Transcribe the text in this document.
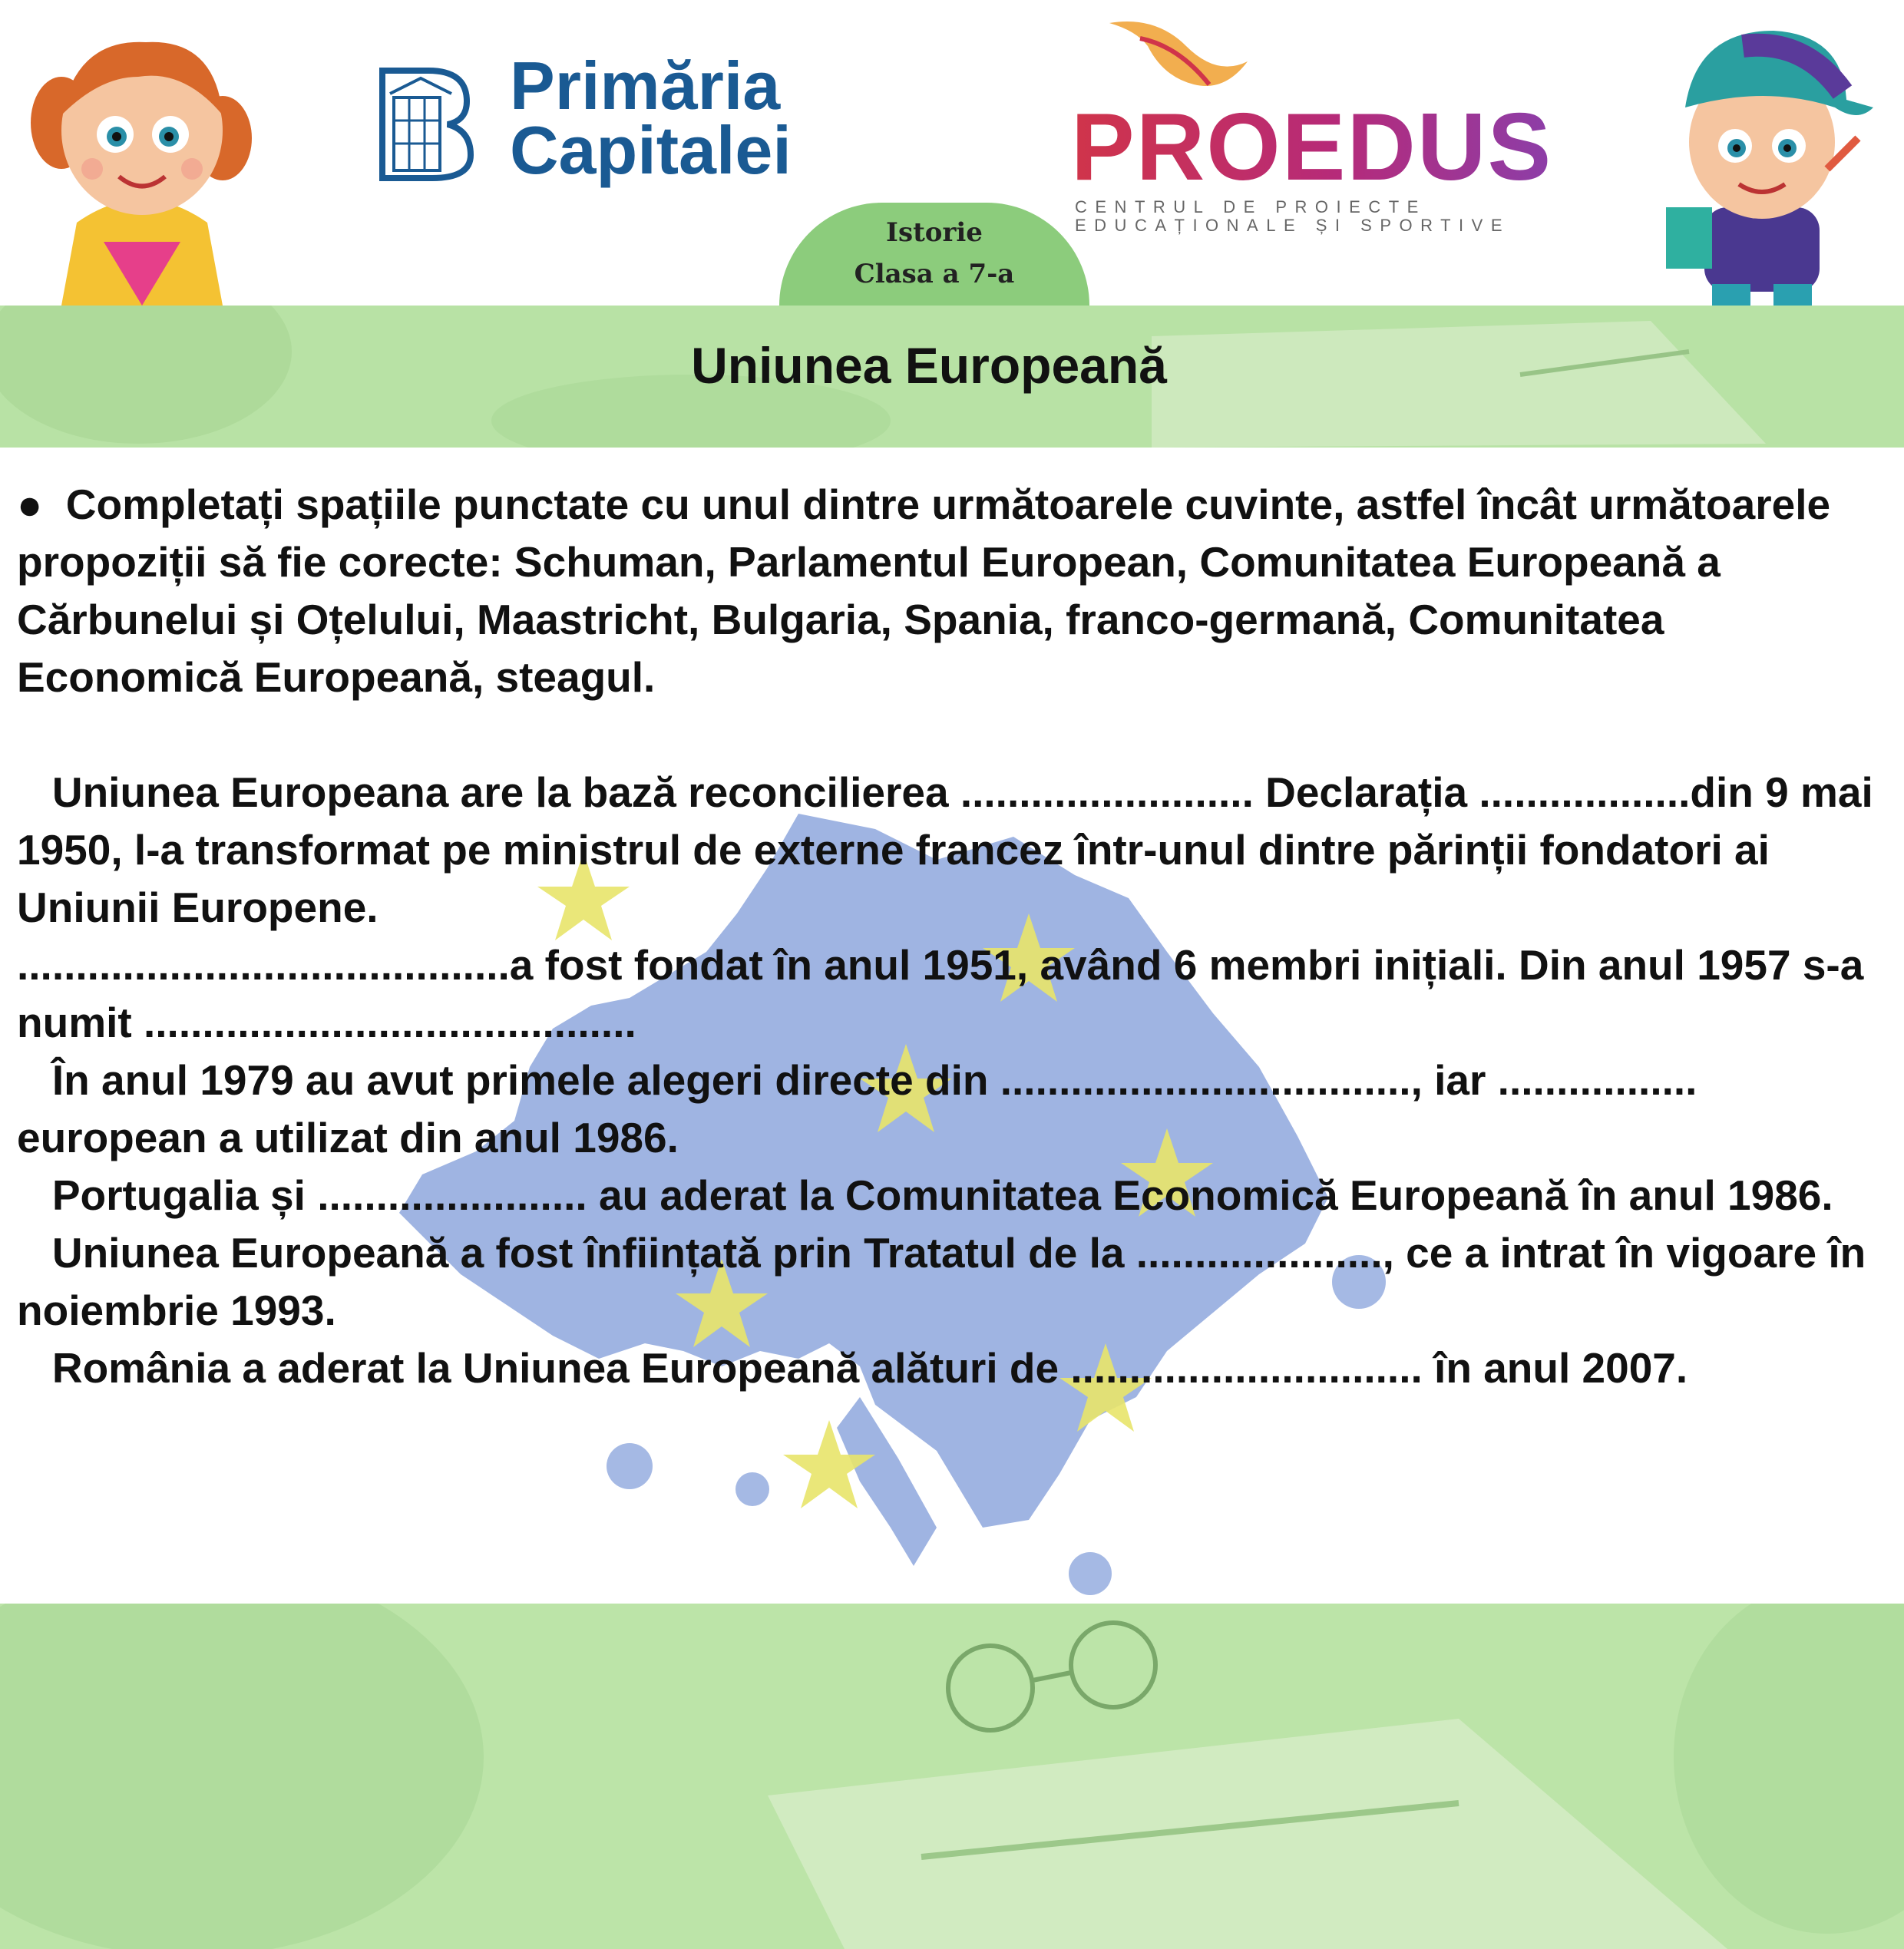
Primăria
Capitalei	PROEDUS
CENTRUL DE PROIECTE
EDUCAȚIONALE ȘI SPORTIVE
Istorie
Clasa a 7-a
Uniunea Europeană

●  Completați spațiile punctate cu unul dintre următoarele cuvinte, astfel încât următoarele propoziții să fie corecte: Schuman, Parlamentul European, Comunitatea Europeană a Cărbunelui și Oțelului, Maastricht, Bulgaria, Spania, franco-germană, Comunitatea Economică Europeană, steagul.

Uniunea Europeana are la bază reconcilierea ......................... Declarația ..................din 9 mai 1950, l-a transformat pe ministrul de externe francez într-unul dintre părinții fondatori ai Uniunii Europene.

..........................................a fost fondat în anul 1951, având 6 membri inițiali. Din anul 1957 s-a numit ..........................................

În anul 1979 au avut primele alegeri directe din ..................................., iar ................. european a utilizat din anul 1986.

Portugalia și ....................... au aderat la Comunitatea Economică Europeană în anul 1986.

Uniunea Europeană a fost înființată prin Tratatul de la ....................., ce a intrat în vigoare în noiembrie 1993.

România a aderat la Uniunea Europeană alături de .............................. în anul 2007.
